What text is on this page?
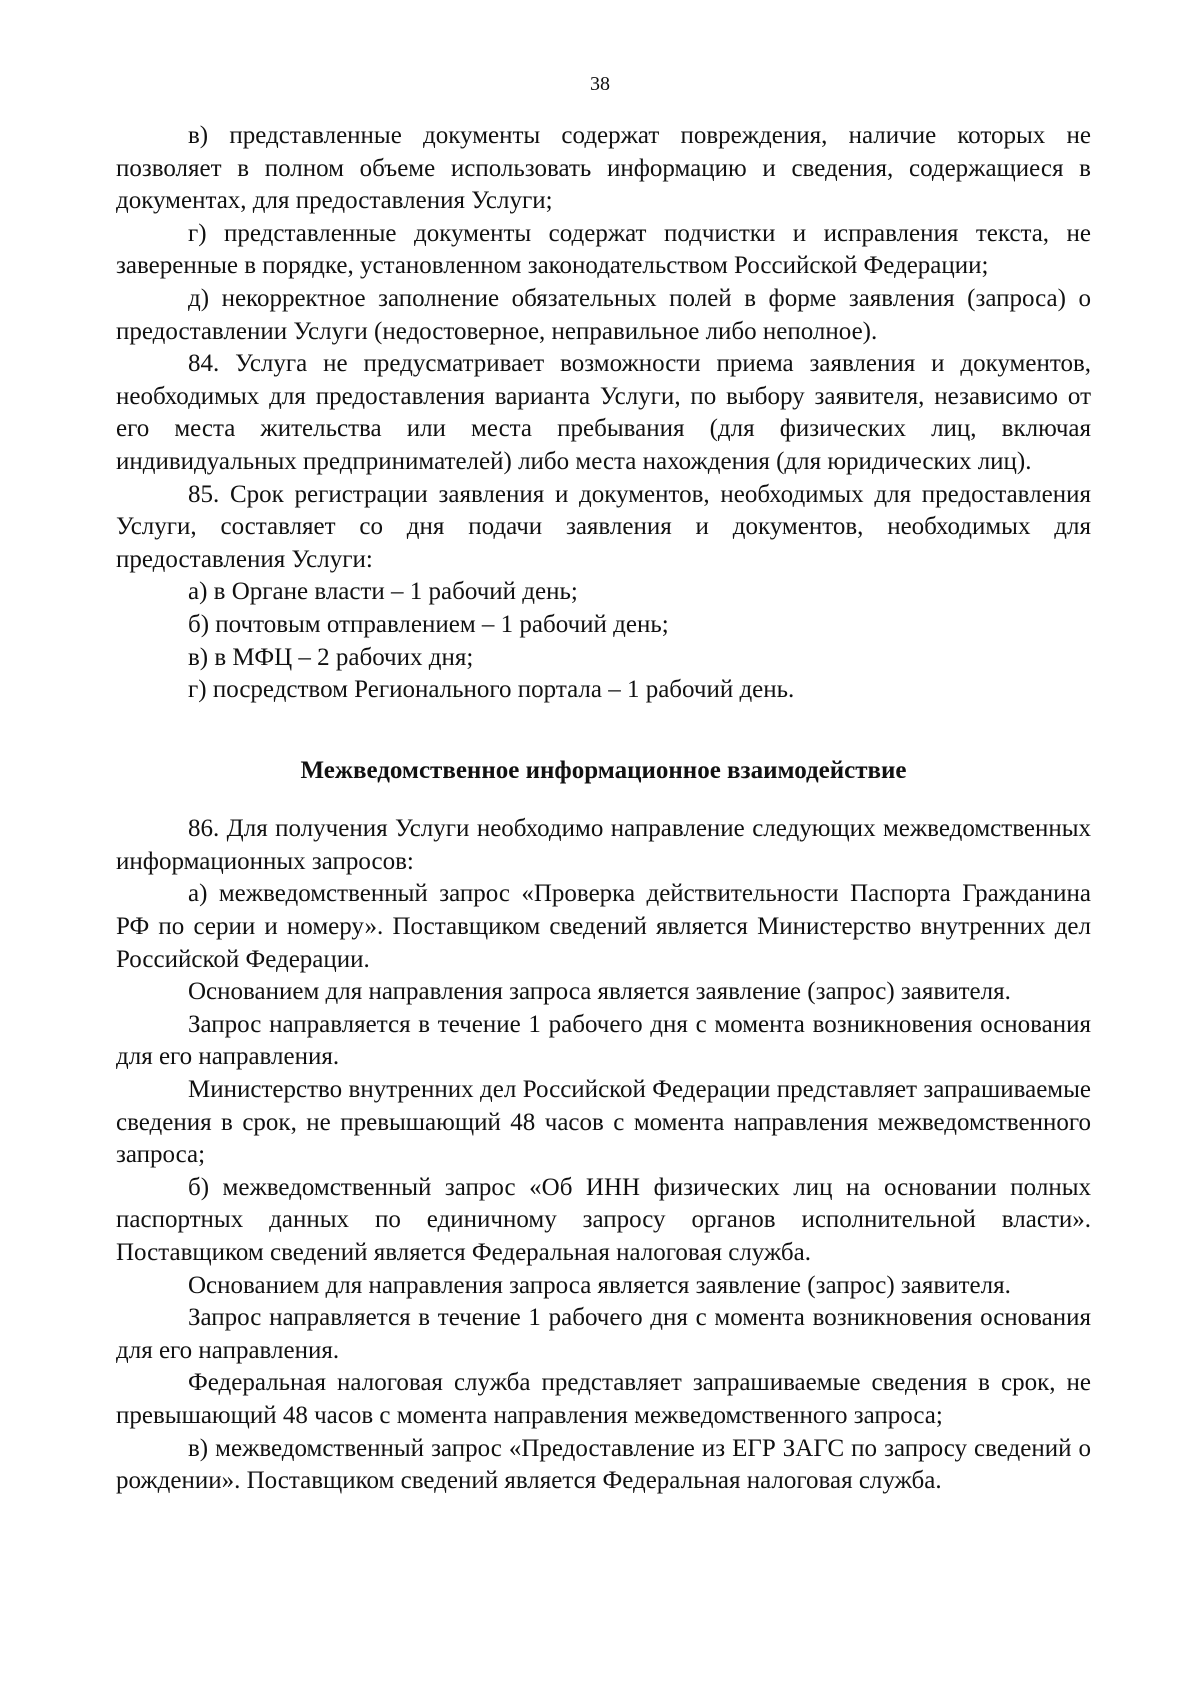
38

в) представленные документы содержат повреждения, наличие которых не позволяет в полном объеме использовать информацию и сведения, содержащиеся в документах, для предоставления Услуги;

г) представленные документы содержат подчистки и исправления текста, не заверенные в порядке, установленном законодательством Российской Федерации;

д) некорректное заполнение обязательных полей в форме заявления (запроса) о предоставлении Услуги (недостоверное, неправильное либо неполное).

84. Услуга не предусматривает возможности приема заявления и документов, необходимых для предоставления варианта Услуги, по выбору заявителя, независимо от его места жительства или места пребывания (для физических лиц, включая индивидуальных предпринимателей) либо места нахождения (для юридических лиц).

85. Срок регистрации заявления и документов, необходимых для предоставления Услуги, составляет со дня подачи заявления и документов, необходимых для предоставления Услуги:

а) в Органе власти – 1 рабочий день;

б) почтовым отправлением – 1 рабочий день;

в) в МФЦ – 2 рабочих дня;

г) посредством Регионального портала – 1 рабочий день.

Межведомственное информационное взаимодействие

86. Для получения Услуги необходимо направление следующих межведомственных информационных запросов:

а) межведомственный запрос «Проверка действительности Паспорта Гражданина РФ по серии и номеру». Поставщиком сведений является Министерство внутренних дел Российской Федерации.

Основанием для направления запроса является заявление (запрос) заявителя.

Запрос направляется в течение 1 рабочего дня с момента возникновения основания для его направления.

Министерство внутренних дел Российской Федерации представляет запрашиваемые сведения в срок, не превышающий 48 часов с момента направления межведомственного запроса;

б) межведомственный запрос «Об ИНН физических лиц на основании полных паспортных данных по единичному запросу органов исполнительной власти». Поставщиком сведений является Федеральная налоговая служба.

Основанием для направления запроса является заявление (запрос) заявителя.

Запрос направляется в течение 1 рабочего дня с момента возникновения основания для его направления.

Федеральная налоговая служба представляет запрашиваемые сведения в срок, не превышающий 48 часов с момента направления межведомственного запроса;

в) межведомственный запрос «Предоставление из ЕГР ЗАГС по запросу сведений о рождении». Поставщиком сведений является Федеральная налоговая служба.
